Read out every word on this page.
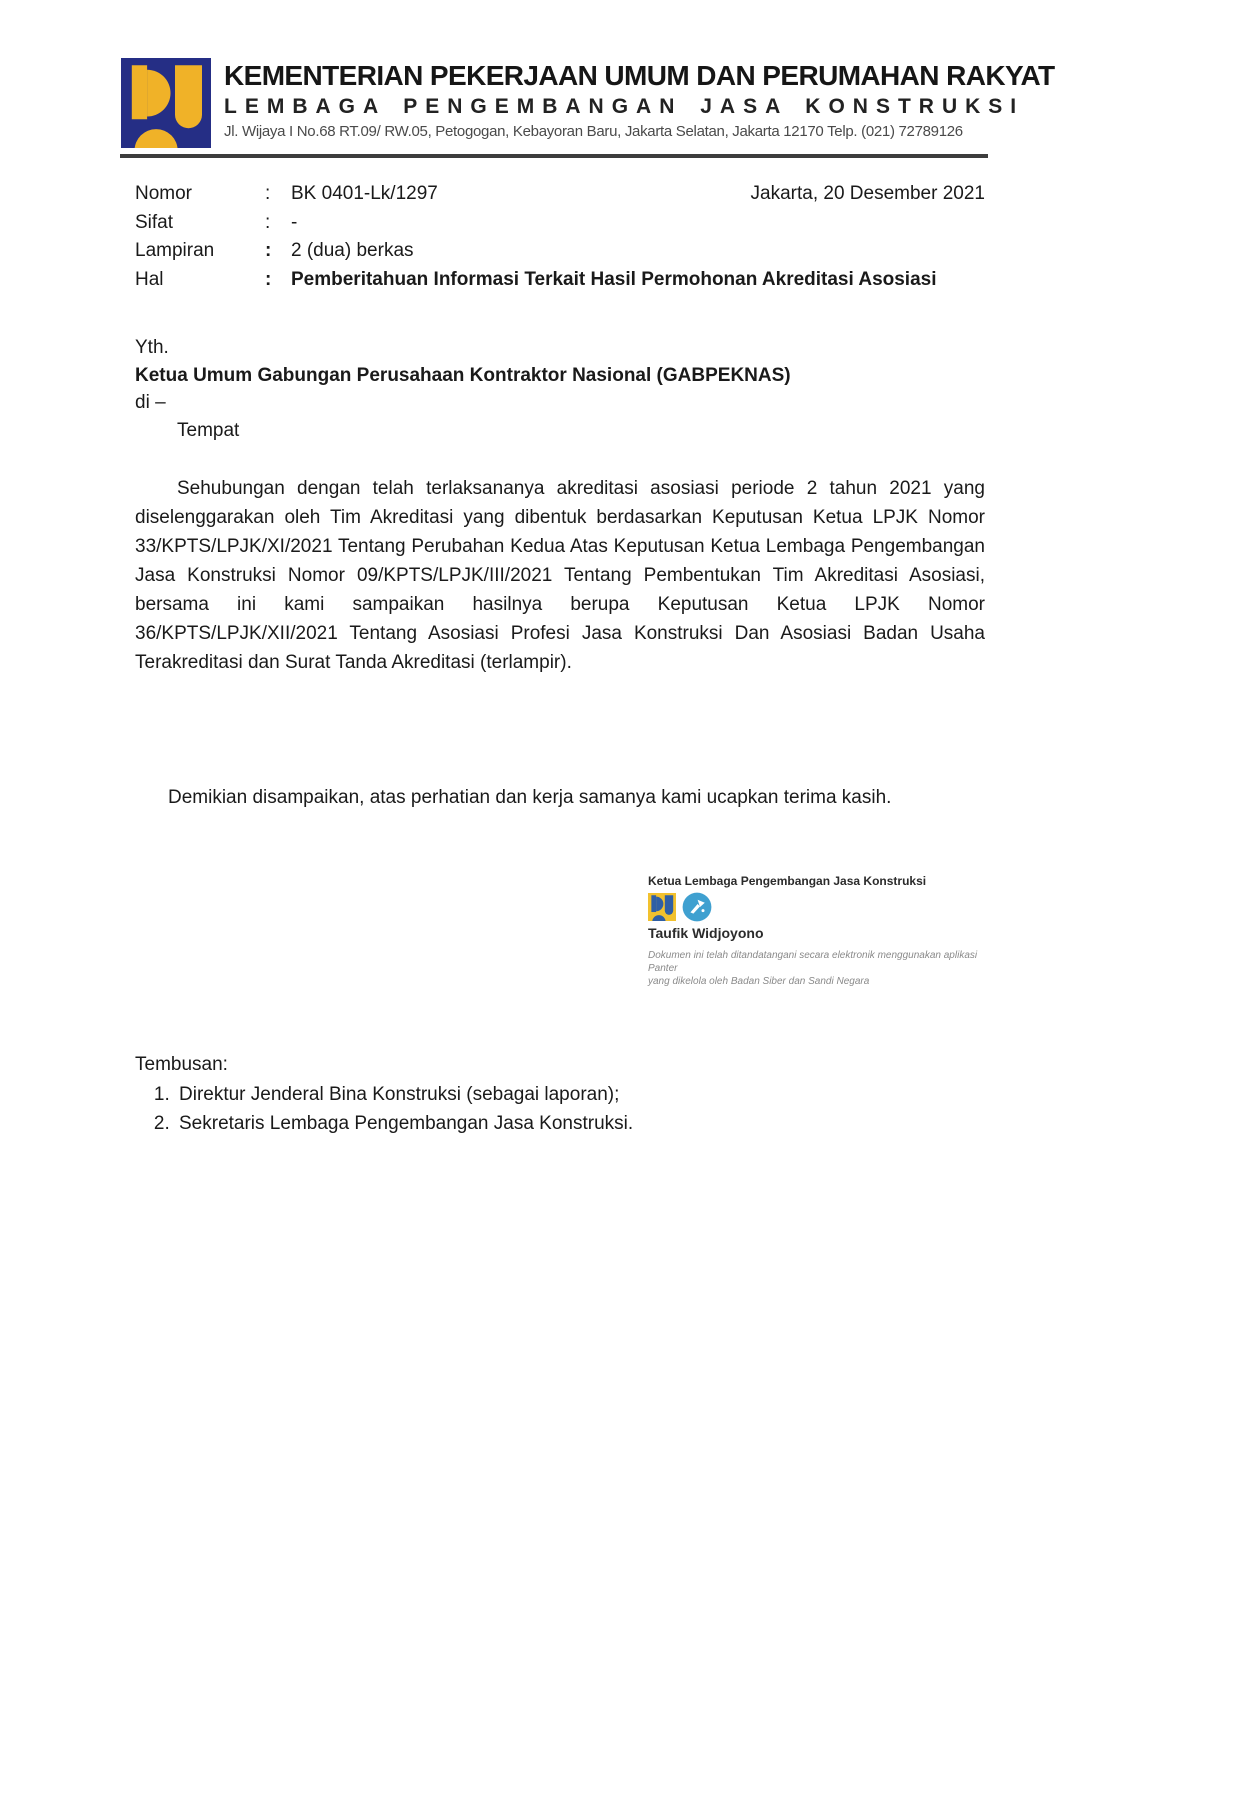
KEMENTERIAN PEKERJAAN UMUM DAN PERUMAHAN RAKYAT
LEMBAGA PENGEMBANGAN JASA KONSTRUKSI
Jl. Wijaya I No.68 RT.09/ RW.05, Petogogan, Kebayoran Baru, Jakarta Selatan, Jakarta 12170 Telp. (021) 72789126
Jakarta, 20 Desember 2021
Nomor	:	BK 0401-Lk/1297
Sifat	:	-
Lampiran	:	2 (dua) berkas
Hal	:	Pemberitahuan Informasi Terkait Hasil Permohonan Akreditasi Asosiasi
Yth.
Ketua Umum Gabungan Perusahaan Kontraktor Nasional (GABPEKNAS)
di –
Tempat

Sehubungan dengan telah terlaksananya akreditasi asosiasi periode 2 tahun 2021 yang diselenggarakan oleh Tim Akreditasi yang dibentuk berdasarkan Keputusan Ketua LPJK Nomor 33/KPTS/LPJK/XI/2021 Tentang Perubahan Kedua Atas Keputusan Ketua Lembaga Pengembangan Jasa Konstruksi Nomor 09/KPTS/LPJK/III/2021 Tentang Pembentukan Tim Akreditasi Asosiasi, bersama ini kami sampaikan hasilnya berupa Keputusan Ketua LPJK Nomor 36/KPTS/LPJK/XII/2021 Tentang Asosiasi Profesi Jasa Konstruksi Dan Asosiasi Badan Usaha Terakreditasi dan Surat Tanda Akreditasi (terlampir).

Demikian disampaikan, atas perhatian dan kerja samanya kami ucapkan terima kasih.

Ketua Lembaga Pengembangan Jasa Konstruksi
Taufik Widjoyono
Dokumen ini telah ditandatangani secara elektronik menggunakan aplikasi Panter
yang dikelola oleh Badan Siber dan Sandi Negara
Tembusan:
1. Direktur Jenderal Bina Konstruksi (sebagai laporan);
2. Sekretaris Lembaga Pengembangan Jasa Konstruksi.
